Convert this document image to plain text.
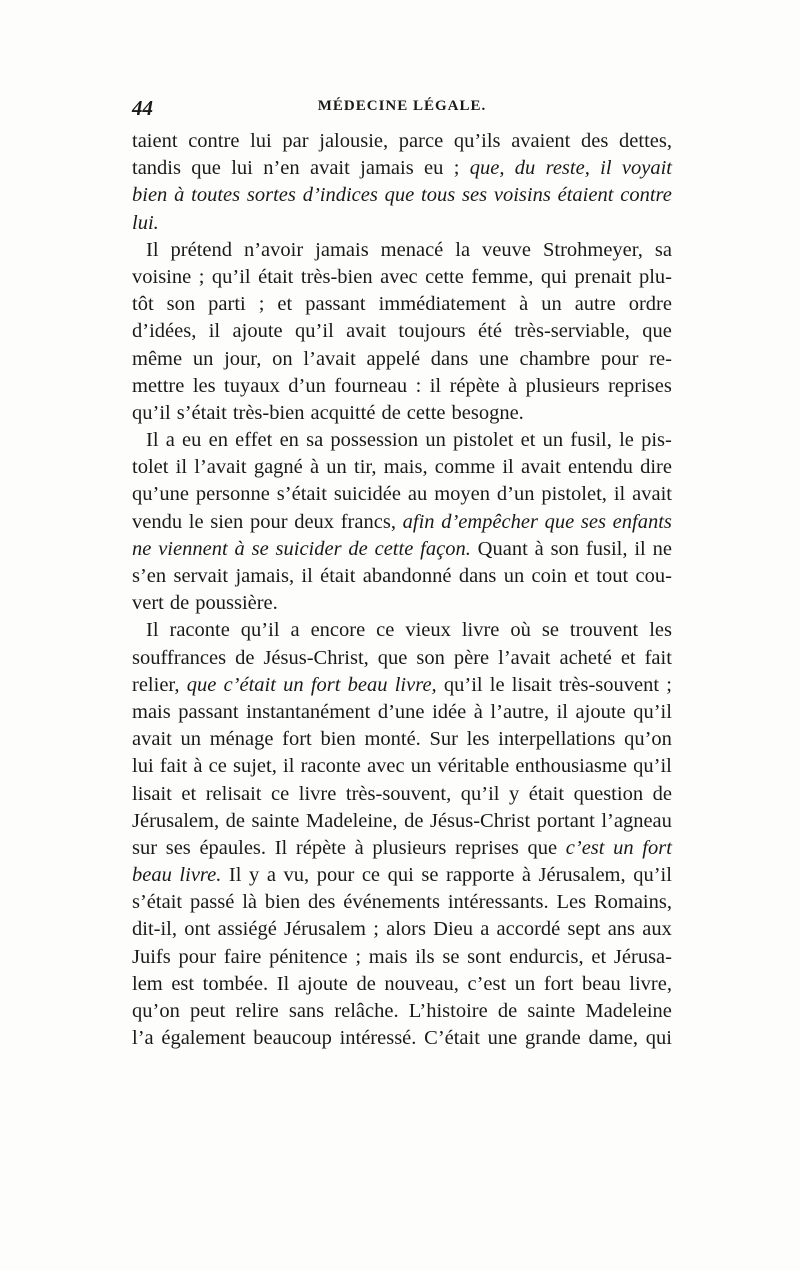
44	MÉDECINE LÉGALE.
taient contre lui par jalousie, parce qu’ils avaient des dettes,
tandis que lui n’en avait jamais eu ; que, du reste, il voyait
bien à toutes sortes d’indices que tous ses voisins étaient contre
lui.
Il prétend n’avoir jamais menacé la veuve Strohmeyer, sa
voisine ; qu’il était très-bien avec cette femme, qui prenait plu-
tôt son parti ; et passant immédiatement à un autre ordre
d’idées, il ajoute qu’il avait toujours été très-serviable, que
même un jour, on l’avait appelé dans une chambre pour re-
mettre les tuyaux d’un fourneau : il répète à plusieurs reprises
qu’il s’était très-bien acquitté de cette besogne.
Il a eu en effet en sa possession un pistolet et un fusil, le pis-
tolet il l’avait gagné à un tir, mais, comme il avait entendu dire
qu’une personne s’était suicidée au moyen d’un pistolet, il avait
vendu le sien pour deux francs, afin d’empêcher que ses enfants
ne viennent à se suicider de cette façon. Quant à son fusil, il ne
s’en servait jamais, il était abandonné dans un coin et tout cou-
vert de poussière.
Il raconte qu’il a encore ce vieux livre où se trouvent les
souffrances de Jésus-Christ, que son père l’avait acheté et fait
relier, que c’était un fort beau livre, qu’il le lisait très-souvent ;
mais passant instantanément d’une idée à l’autre, il ajoute qu’il
avait un ménage fort bien monté. Sur les interpellations qu’on
lui fait à ce sujet, il raconte avec un véritable enthousiasme qu’il
lisait et relisait ce livre très-souvent, qu’il y était question de
Jérusalem, de sainte Madeleine, de Jésus-Christ portant l’agneau
sur ses épaules. Il répète à plusieurs reprises que c’est un fort
beau livre. Il y a vu, pour ce qui se rapporte à Jérusalem, qu’il
s’était passé là bien des événements intéressants. Les Romains,
dit-il, ont assiégé Jérusalem ; alors Dieu a accordé sept ans aux
Juifs pour faire pénitence ; mais ils se sont endurcis, et Jérusa-
lem est tombée. Il ajoute de nouveau, c’est un fort beau livre,
qu’on peut relire sans relâche. L’histoire de sainte Madeleine
l’a également beaucoup intéressé. C’était une grande dame, qui
